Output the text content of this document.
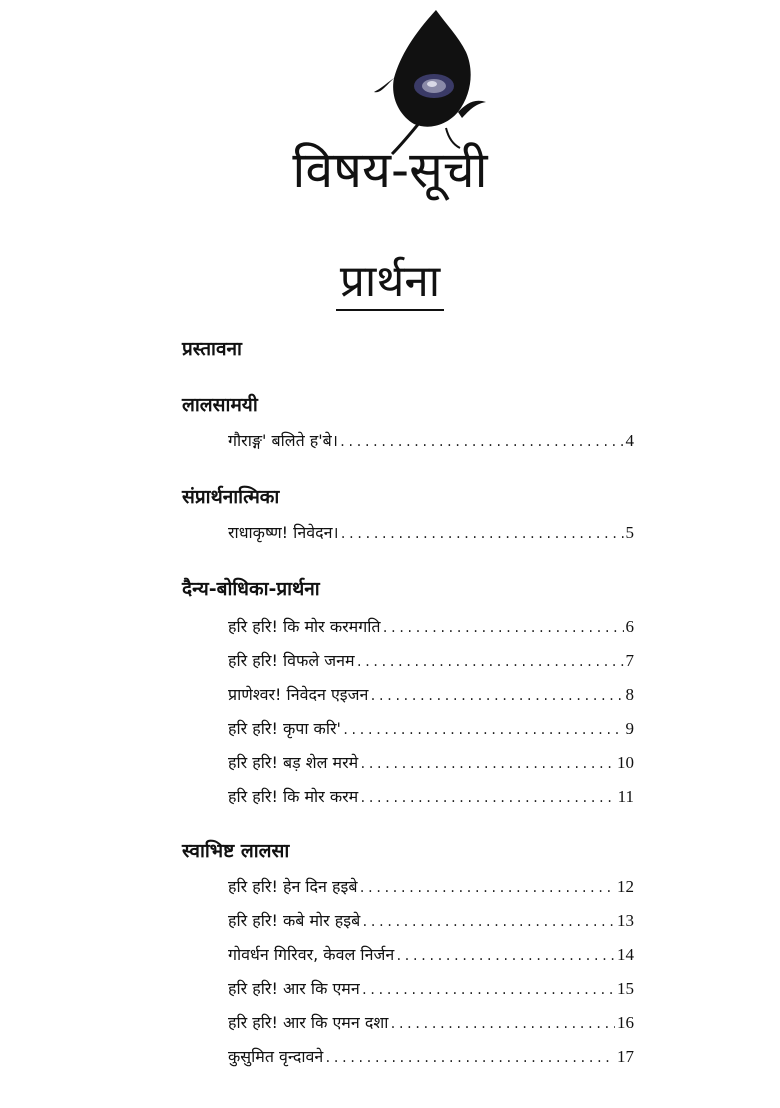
विषय-सूची
प्रार्थना
प्रस्तावना
लालसामयी
गौराङ्ग' बलिते ह'बे। .....	4
संप्रार्थनात्मिका
राधाकृष्ण! निवेदन। .....	5
दैन्य-बोधिका-प्रार्थना
हरि हरि! कि मोर करमगति .....	6
हरि हरि! विफले जनम .....	7
प्राणेश्वर! निवेदन एइजन .....	8
हरि हरि! कृपा करि' .....	9
हरि हरि! बड़ शेल मरमे .....	10
हरि हरि! कि मोर करम .....	11
स्वाभिष्ट लालसा
हरि हरि! हेन दिन हइबे .....	12
हरि हरि! कबे मोर हइबे .....	13
गोवर्धन गिरिवर, केवल निर्जन .....	14
हरि हरि! आर कि एमन .....	15
हरि हरि! आर कि एमन दशा .....	16
कुसुमित वृन्दावने .....	17
